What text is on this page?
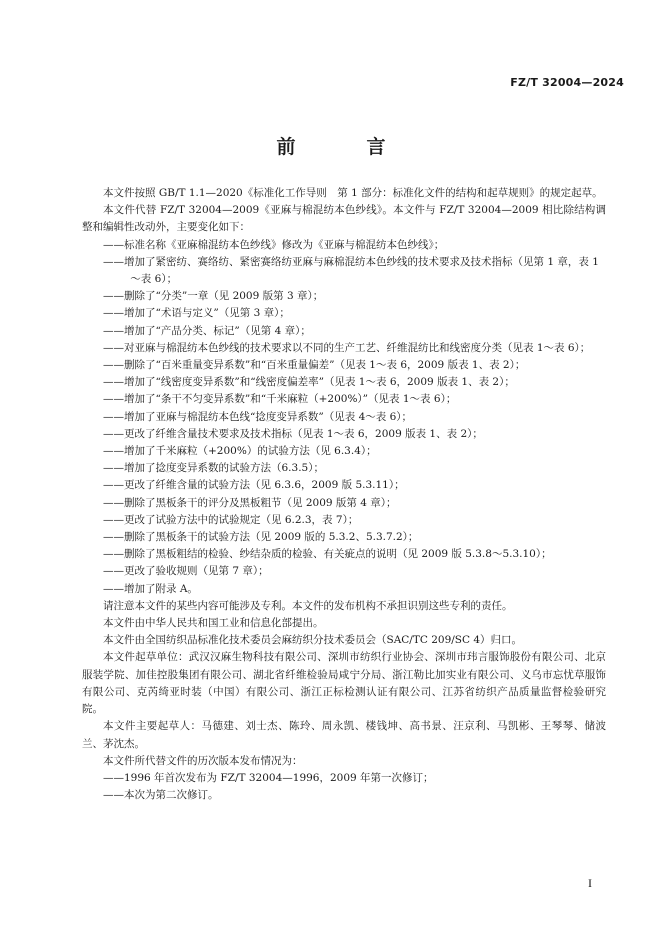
FZ/T 32004—2024
前　言

本文件按照 GB/T 1.1—2020《标准化工作导则　第 1 部分：标准化文件的结构和起草规则》的规定起草。

本文件代替 FZ/T 32004—2009《亚麻与棉混纺本色纱线》。本文件与 FZ/T 32004—2009 相比除结构调整和编辑性改动外，主要变化如下：

——标准名称《亚麻棉混纺本色纱线》修改为《亚麻与棉混纺本色纱线》；

——增加了紧密纺、赛络纺、紧密赛络纺亚麻与麻棉混纺本色纱线的技术要求及技术指标（见第 1 章，表 1～表 6）；

——删除了“分类”一章（见 2009 版第 3 章）；

——增加了“术语与定义”（见第 3 章）；

——增加了“产品分类、标记”（见第 4 章）；

——对亚麻与棉混纺本色纱线的技术要求以不同的生产工艺、纤维混纺比和线密度分类（见表 1～表 6）；

——删除了“百米重量变异系数”和“百米重量偏差”（见表 1～表 6，2009 版表 1、表 2）；

——增加了“线密度变异系数”和“线密度偏差率”（见表 1～表 6，2009 版表 1、表 2）；

——增加了“条干不匀变异系数”和“千米麻粒（+200%）”（见表 1～表 6）；

——增加了亚麻与棉混纺本色线“捻度变异系数”（见表 4～表 6）；

——更改了纤维含量技术要求及技术指标（见表 1～表 6，2009 版表 1、表 2）；

——增加了千米麻粒（+200%）的试验方法（见 6.3.4）；

——增加了捻度变异系数的试验方法（6.3.5）；

——更改了纤维含量的试验方法（见 6.3.6，2009 版 5.3.11）；

——删除了黑板条干的评分及黑板粗节（见 2009 版第 4 章）；

——更改了试验方法中的试验规定（见 6.2.3，表 7）；

——删除了黑板条干的试验方法（见 2009 版的 5.3.2、5.3.7.2）；

——删除了黑板粗结的检验、纱结杂质的检验、有关疵点的说明（见 2009 版 5.3.8～5.3.10）；

——更改了验收规则（见第 7 章）；

——增加了附录 A。

请注意本文件的某些内容可能涉及专利。本文件的发布机构不承担识别这些专利的责任。

本文件由中华人民共和国工业和信息化部提出。

本文件由全国纺织品标准化技术委员会麻纺织分技术委员会（SAC/TC 209/SC 4）归口。

本文件起草单位：武汉汉麻生物科技有限公司、深圳市纺织行业协会、深圳市玮言服饰股份有限公司、北京服装学院、加佳控股集团有限公司、湖北省纤维检验局咸宁分局、浙江勒比加实业有限公司、义乌市忘忧草服饰有限公司、克芮绮亚时装（中国）有限公司、浙江正标检测认证有限公司、江苏省纺织产品质量监督检验研究院。

本文件主要起草人：马德建、刘士杰、陈玲、周永凯、楼钱坤、高书景、汪京利、马凯彬、王琴琴、储波兰、茅沈杰。

本文件所代替文件的历次版本发布情况为：

——1996 年首次发布为 FZ/T 32004—1996，2009 年第一次修订；

——本次为第二次修订。

I
